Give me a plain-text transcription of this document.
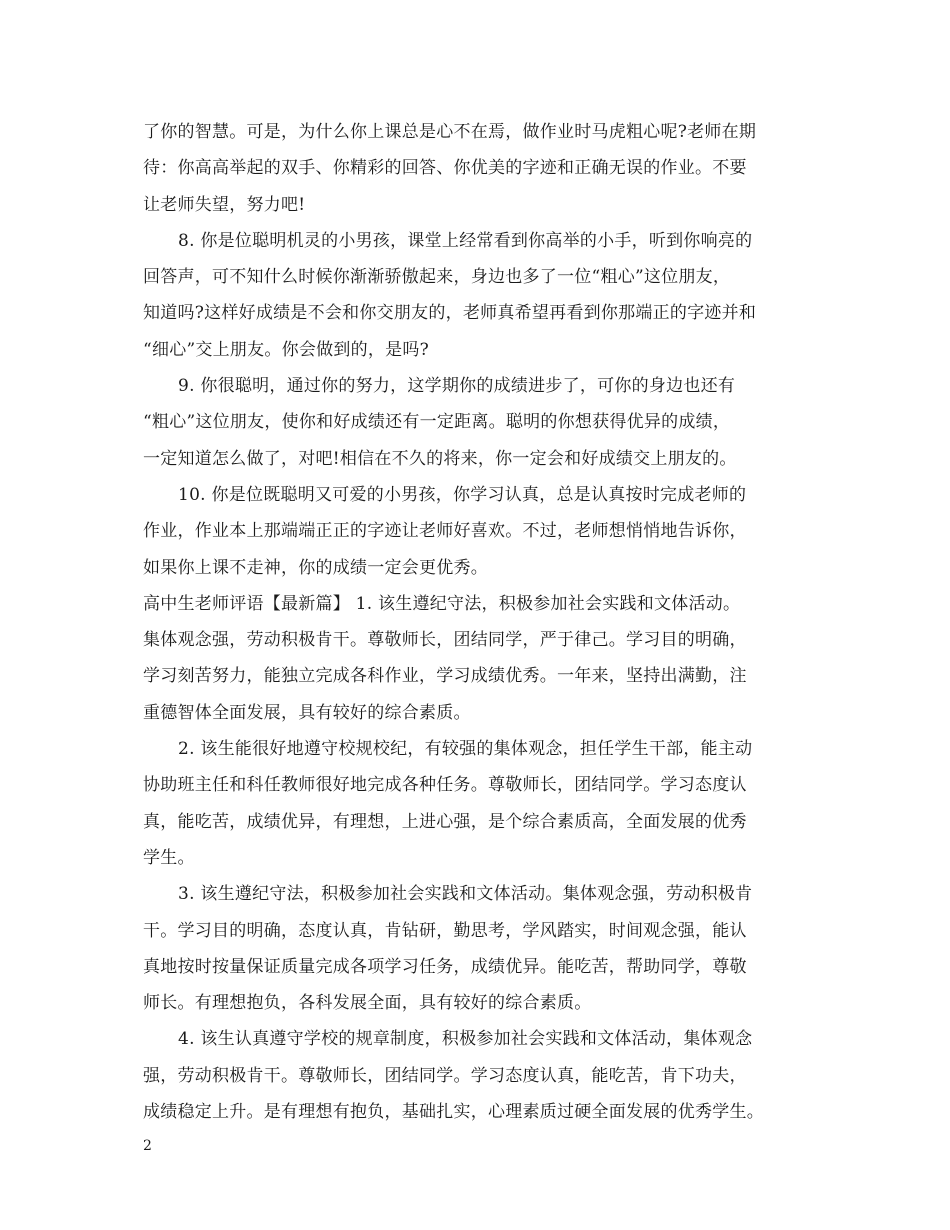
了你的智慧。可是，为什么你上课总是心不在焉，做作业时马虎粗心呢?老师在期
待：你高高举起的双手、你精彩的回答、你优美的字迹和正确无误的作业。不要
让老师失望，努力吧!
8. 你是位聪明机灵的小男孩，课堂上经常看到你高举的小手，听到你响亮的
回答声，可不知什么时候你渐渐骄傲起来，身边也多了一位“粗心”这位朋友，
知道吗?这样好成绩是不会和你交朋友的，老师真希望再看到你那端正的字迹并和
“细心”交上朋友。你会做到的，是吗?
9. 你很聪明，通过你的努力，这学期你的成绩进步了，可你的身边也还有
“粗心”这位朋友，使你和好成绩还有一定距离。聪明的你想获得优异的成绩，
一定知道怎么做了，对吧!相信在不久的将来，你一定会和好成绩交上朋友的。
10. 你是位既聪明又可爱的小男孩，你学习认真，总是认真按时完成老师的
作业，作业本上那端端正正的字迹让老师好喜欢。不过，老师想悄悄地告诉你，
如果你上课不走神，你的成绩一定会更优秀。
高中生老师评语【最新篇】 1. 该生遵纪守法，积极参加社会实践和文体活动。
集体观念强，劳动积极肯干。尊敬师长，团结同学，严于律己。学习目的明确，
学习刻苦努力，能独立完成各科作业，学习成绩优秀。一年来，坚持出满勤，注
重德智体全面发展，具有较好的综合素质。
2. 该生能很好地遵守校规校纪，有较强的集体观念，担任学生干部，能主动
协助班主任和科任教师很好地完成各种任务。尊敬师长，团结同学。学习态度认
真，能吃苦，成绩优异，有理想，上进心强，是个综合素质高，全面发展的优秀
学生。
3. 该生遵纪守法，积极参加社会实践和文体活动。集体观念强，劳动积极肯
干。学习目的明确，态度认真，肯钻研，勤思考，学风踏实，时间观念强，能认
真地按时按量保证质量完成各项学习任务，成绩优异。能吃苦，帮助同学，尊敬
师长。有理想抱负，各科发展全面，具有较好的综合素质。
4. 该生认真遵守学校的规章制度，积极参加社会实践和文体活动，集体观念
强，劳动积极肯干。尊敬师长，团结同学。学习态度认真，能吃苦，肯下功夫，
成绩稳定上升。是有理想有抱负，基础扎实，心理素质过硬全面发展的优秀学生。
2
